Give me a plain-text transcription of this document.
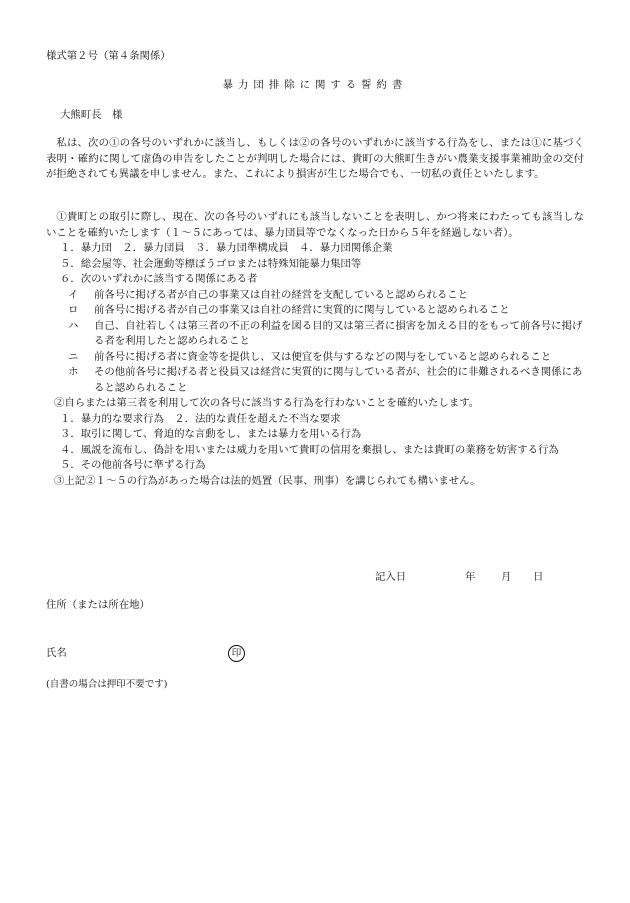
様式第２号（第４条関係）
暴力団排除に関する誓約書
大熊町長　様

私は、次の①の各号のいずれかに該当し、もしくは②の各号のいずれかに該当する行為をし、または①に基づく表明・確約に関して虚偽の申告をしたことが判明した場合には、貴町の大熊町生きがい農業支援事業補助金の交付が拒絶されても異議を申しません。また、これにより損害が生じた場合でも、一切私の責任といたします。

①貴町との取引に際し、現在、次の各号のいずれにも該当しないことを表明し、かつ将来にわたっても該当しないことを確約いたします（１～５にあっては、暴力団員等でなくなった日から５年を経過しない者）。

１．暴力団　２．暴力団員　３．暴力団準構成員　４．暴力団関係企業
５．総会屋等、社会運動等標ぼうゴロまたは特殊知能暴力集団等
６．次のいずれかに該当する関係にある者
イ	前各号に掲げる者が自己の事業又は自社の経営を支配していると認められること
ロ	前各号に掲げる者が自己の事業又は自社の経営に実質的に関与していると認められること
ハ	自己、自社若しくは第三者の不正の利益を図る目的又は第三者に損害を加える目的をもって前各号に掲げる者を利用したと認められること
ニ	前各号に掲げる者に資金等を提供し、又は便宜を供与するなどの関与をしていると認められること
ホ	その他前各号に掲げる者と役員又は経営に実質的に関与している者が、社会的に非難されるべき関係にあると認められること
②自らまたは第三者を利用して次の各号に該当する行為を行わないことを確約いたします。
１． 暴力的な要求行為　２．法的な責任を超えた不当な要求
３． 取引に関して、脅迫的な言動をし、または暴力を用いる行為
４． 風説を流布し、偽計を用いまたは威力を用いて貴町の信用を棄損し、または貴町の業務を妨害する行為
５． その他前各号に準ずる行為
③上記②１～５の行為があった場合は法的処置（民事、刑事）を講じられても構いません。
記入日	年 月 日
住所（または所在地）
氏名	印
(自書の場合は押印不要です)
